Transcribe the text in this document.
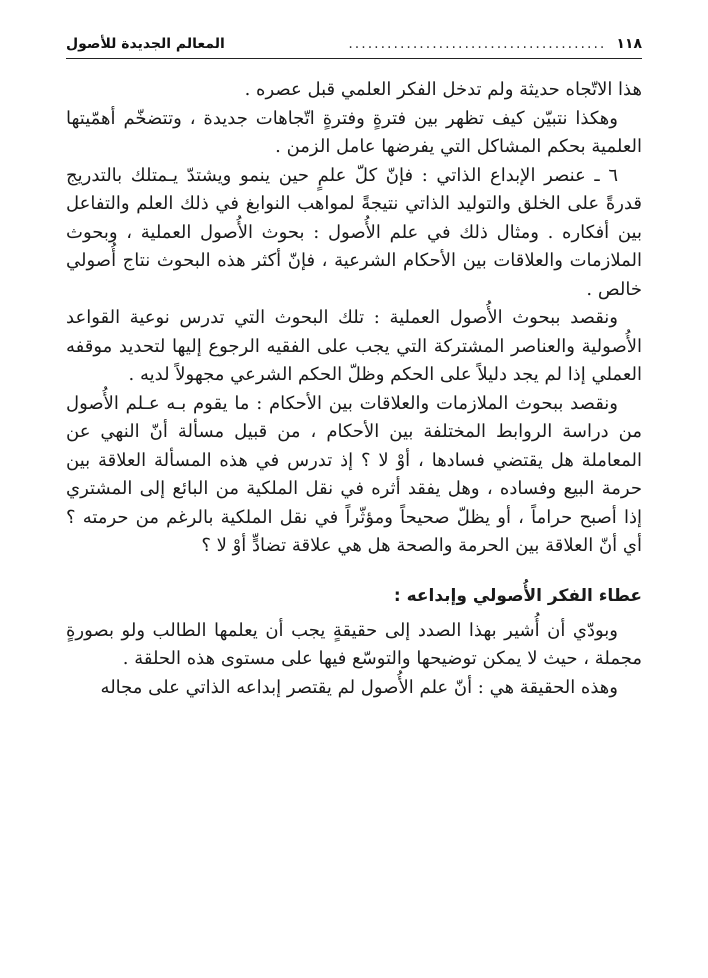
١١٨
........................................
المعالم الجديدة للأصول

هذا الاتّجاه حديثة ولم تدخل الفكر العلمي قبل عصره .

وهكذا نتبيّن كيف تظهر بين فترةٍ وفترةٍ اتّجاهات جديدة ، وتتضخّم أهمّيتها العلمية بحكم المشاكل التي يفرضها عامل الزمن .

٦ ـ عنصر الإبداع الذاتي : فإنّ كلّ علمٍ حين ينمو ويشتدّ يـمتلك بالتدريج قدرةً على الخلق والتوليد الذاتي نتيجةً لمواهب النوابغ في ذلك العلم والتفاعل بين أفكاره . ومثال ذلك في علم الأُصول : بحوث الأُصول العملية ، وبحوث الملازمات والعلاقات بين الأحكام الشرعية ، فإنّ أكثر هذه البحوث نتاج أُصولي خالص .

ونقصد ببحوث الأُصول العملية : تلك البحوث التي تدرس نوعية القواعد الأُصولية والعناصر المشتركة التي يجب على الفقيه الرجوع إليها لتحديد موقفه العملي إذا لم يجد دليلاً على الحكم وظلّ الحكم الشرعي مجهولاً لديه .

ونقصد ببحوث الملازمات والعلاقات بين الأحكام : ما يقوم بـه عـلم الأُصول من دراسة الروابط المختلفة بين الأحكام ، من قبيل مسألة أنّ النهي عن المعاملة هل يقتضي فسادها ، أوْ لا ؟ إذ تدرس في هذه المسألة العلاقة بين حرمة البيع وفساده ، وهل يفقد أثره في نقل الملكية من البائع إلى المشتري إذا أصبح حراماً ، أو يظلّ صحيحاً ومؤثّراً في نقل الملكية بالرغم من حرمته ؟ أي أنّ العلاقة بين الحرمة والصحة هل هي علاقة تضادٍّ أوْ لا ؟

عطاء الفكر الأُصولي وإبداعه :

وبودّي أن أُشير بهذا الصدد إلى حقيقةٍ يجب أن يعلمها الطالب ولو بصورةٍ مجملة ، حيث لا يمكن توضيحها والتوسّع فيها على مستوى هذه الحلقة .

وهذه الحقيقة هي : أنّ علم الأُصول لم يقتصر إبداعه الذاتي على مجاله
